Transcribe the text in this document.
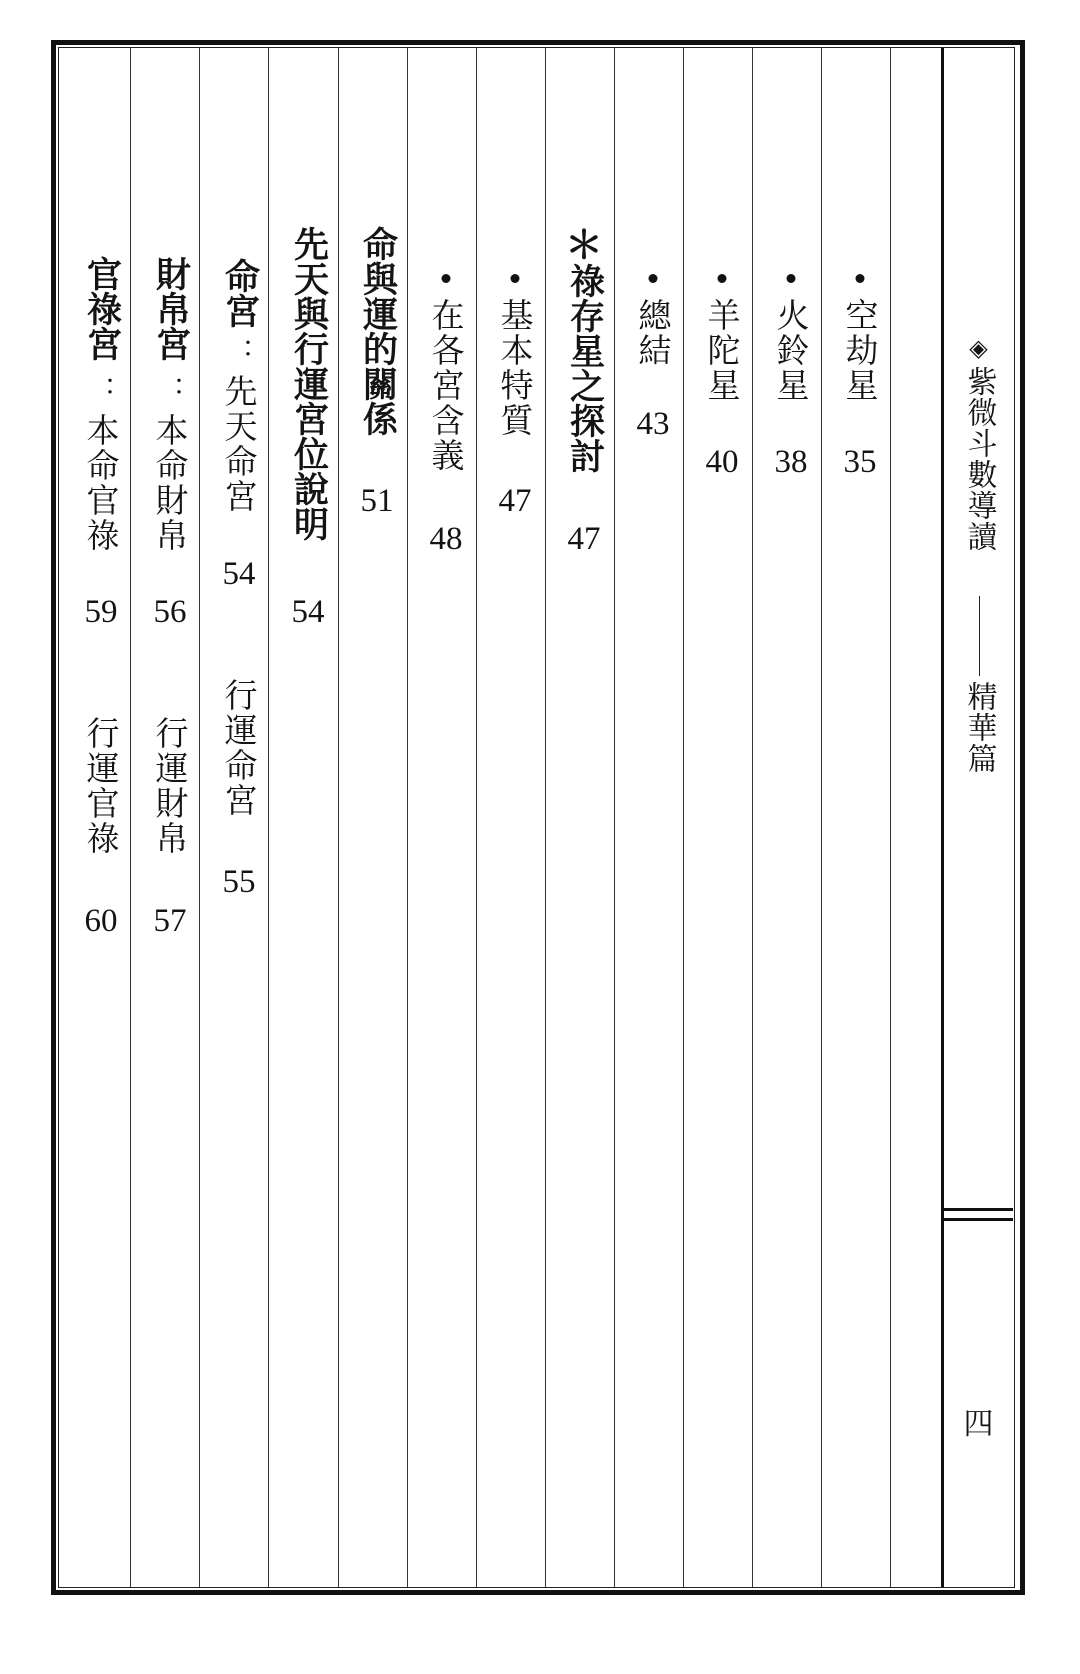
官祿宮
：
本命官祿
59
行運官祿
60
財帛宮
：
本命財帛
56
行運財帛
57
命宮
：
先天命宮
54
行運命宮
55
先天與行運宮位說明
54
命與運的關係
51
在各宮含義
48
基本特質
47
＊
祿存星之探討
47
總結
43
羊陀星
40
火鈴星
38
空劫星
35
◈
紫微斗數導讀
精華篇
四
